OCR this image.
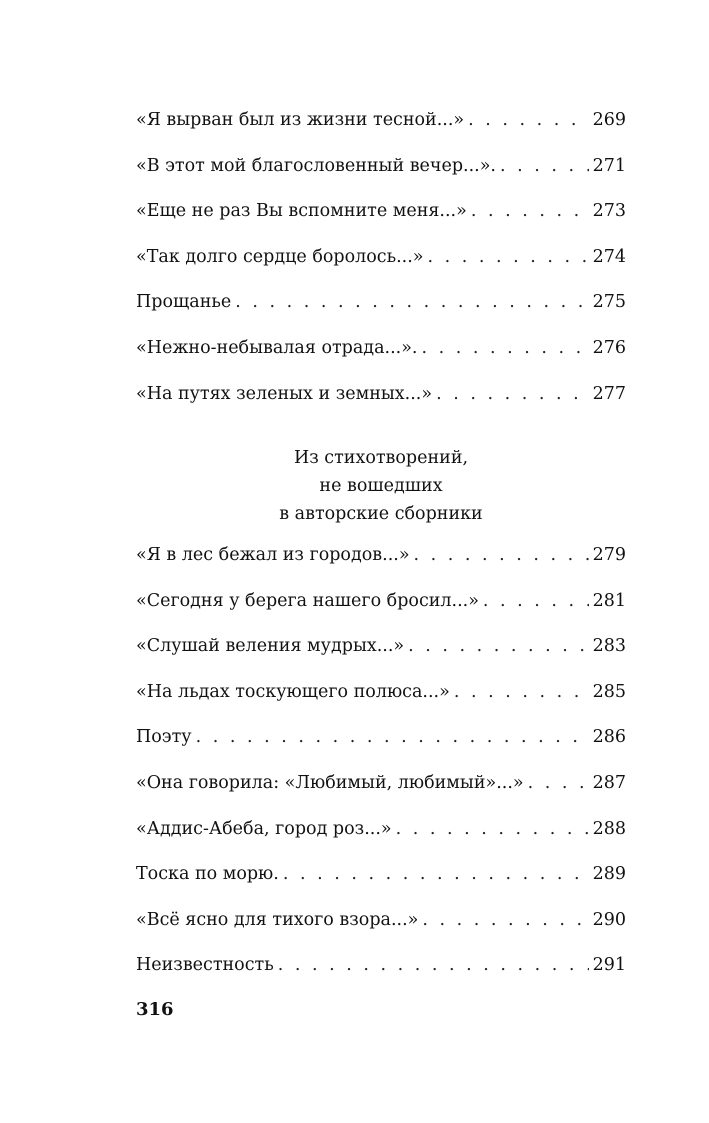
«Я вырван был из жизни тесной...» . . .	269
«В этот мой благословенный вечер...». . . .	271
«Еще не раз Вы вспомните меня...» . . .	273
«Так долго сердце боролось...» . . .	274
Прощанье . . .	275
«Нежно-небывалая отрада...». . . .	276
«На путях зеленых и земных...» . . .	277
Из стихотворений,
не вошедших
в авторские сборники
«Я в лес бежал из городов...» . . .	279
«Сегодня у берега нашего бросил...» . . .	281
«Слушай веления мудрых...» . . .	283
«На льдах тоскующего полюса...» . . .	285
Поэту . . .	286
«Она говорила: «Любимый, любимый»...» . . .	287
«Аддис-Абеба, город роз...» . . .	288
Тоска по морю. . . .	289
«Всё ясно для тихого взора...» . . .	290
Неизвестность . . .	291
316
